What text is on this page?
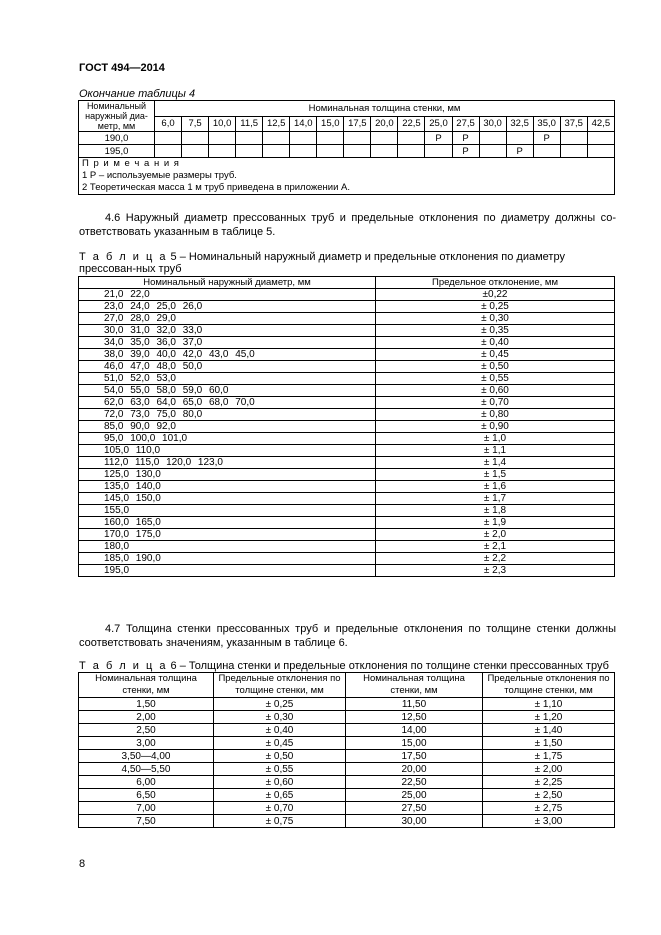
ГОСТ 494—2014
Окончание таблицы 4
Номинальный наружный диа-метр, мм	Номинальная толщина стенки, мм																
	6,0	7,5	10,0	11,5	12,5	14,0	15,0	17,5	20,0	22,5	25,0	27,5	30,0	32,5	35,0	37,5	42,5
190,0											Р	Р			Р		
195,0												Р		Р			

П р и м е ч а н и я
1 Р – используемые размеры труб.
2 Теоретическая масса 1 м труб приведена в приложении А.																	
4.6 Наружный диаметр прессованных труб и предельные отклонения по диаметру должны со-ответствовать указанным в таблице 5.
Т а б л и ц а 5 – Номинальный наружный диаметр и предельные отклонения по диаметру прессован-ных труб
Номинальный наружный диаметр, мм	Предельное отклонение, мм
21,0 22,0	±0,22
23,0 24,0 25,0 26,0	± 0,25
27,0 28,0 29,0	± 0,30
30,0 31,0 32,0 33,0	± 0,35
34,0 35,0 36,0 37,0	± 0,40
38,0 39,0 40,0 42,0 43,0 45,0	± 0,45
46,0 47,0 48,0 50,0	± 0,50
51,0 52,0 53,0	± 0,55
54,0 55,0 58,0 59,0 60,0	± 0,60
62,0 63,0 64,0 65,0 68,0 70,0	± 0,70
72,0 73,0 75,0 80,0	± 0,80
85,0 90,0 92,0	± 0,90
95,0 100,0 101,0	± 1,0
105,0 110,0	± 1,1
112,0 115,0 120,0 123,0	± 1,4
125,0 130,0	± 1,5
135,0 140,0	± 1,6
145,0 150,0	± 1,7
155,0	± 1,8
160,0 165,0	± 1,9
170,0 175,0	± 2,0
180,0	± 2,1
185,0 190,0	± 2,2
195,0	± 2,3
4.7 Толщина стенки прессованных труб и предельные отклонения по толщине стенки должны соответствовать значениям, указанным в таблице 6.
Т а б л и ц а 6 – Толщина стенки и предельные отклонения по толщине стенки прессованных труб
Номинальная толщина стенки, мм	Предельные отклонения по толщине стенки, мм	Номинальная толщина стенки, мм	Предельные отклонения по толщине стенки, мм
1,50	± 0,25	11,50	± 1,10
2,00	± 0,30	12,50	± 1,20
2,50	± 0,40	14,00	± 1,40
3,00	± 0,45	15,00	± 1,50
3,50—4,00	± 0,50	17,50	± 1,75
4,50—5,50	± 0,55	20,00	± 2,00
6,00	± 0,60	22,50	± 2,25
6,50	± 0,65	25,00	± 2,50
7,00	± 0,70	27,50	± 2,75
7,50	± 0,75	30,00	± 3,00
8
